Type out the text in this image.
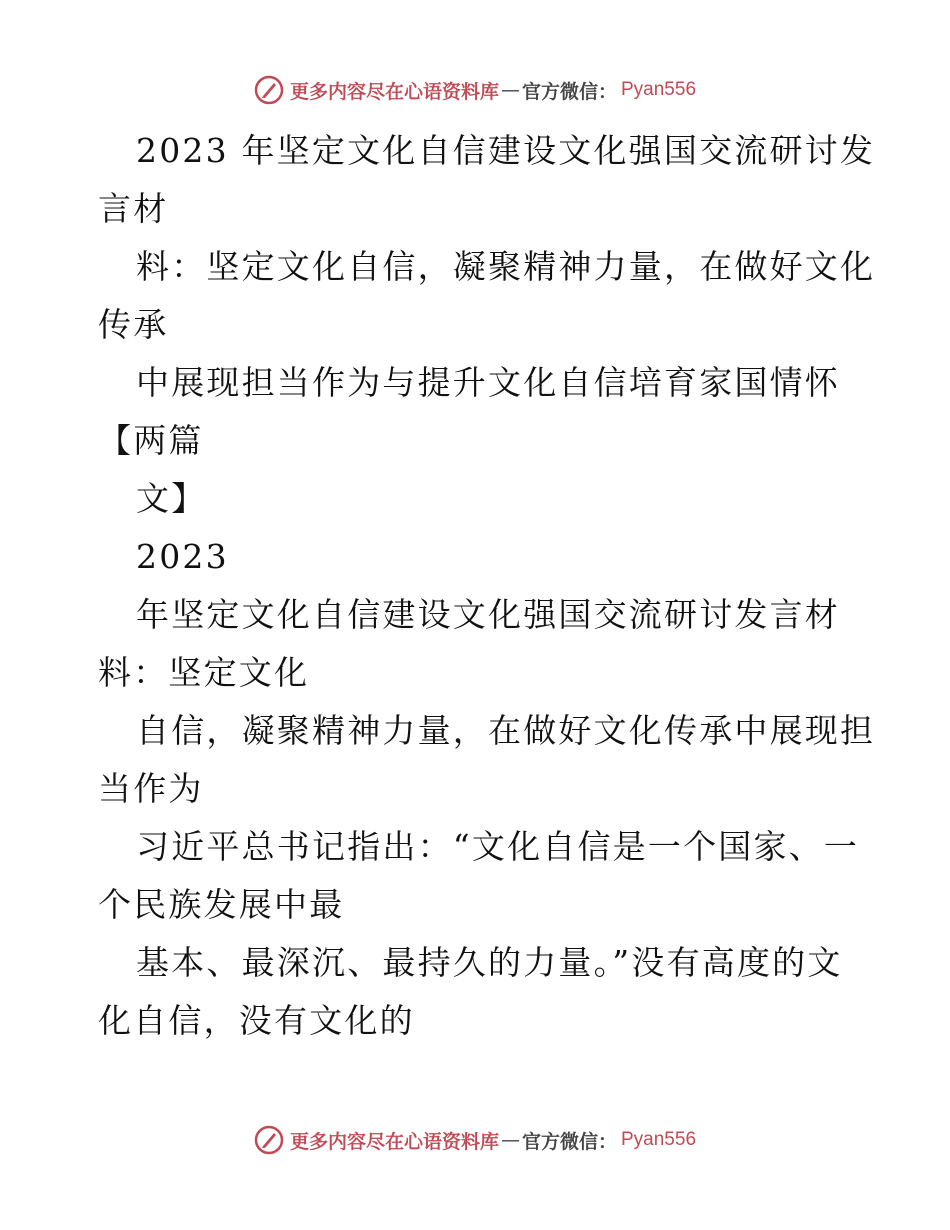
更多内容尽在心语资料库 — 官方微信： Pyan556
2023 年坚定文化自信建设文化强国交流研讨发
言材
料：坚定文化自信，凝聚精神力量，在做好文化
传承
中展现担当作为与提升文化自信培育家国情怀
【两篇
文】
2023
年坚定文化自信建设文化强国交流研讨发言材
料：坚定文化
自信，凝聚精神力量，在做好文化传承中展现担
当作为
习近平总书记指出：“文化自信是一个国家、一
个民族发展中最
基本、最深沉、最持久的力量。”没有高度的文
化自信，没有文化的
更多内容尽在心语资料库 — 官方微信： Pyan556
